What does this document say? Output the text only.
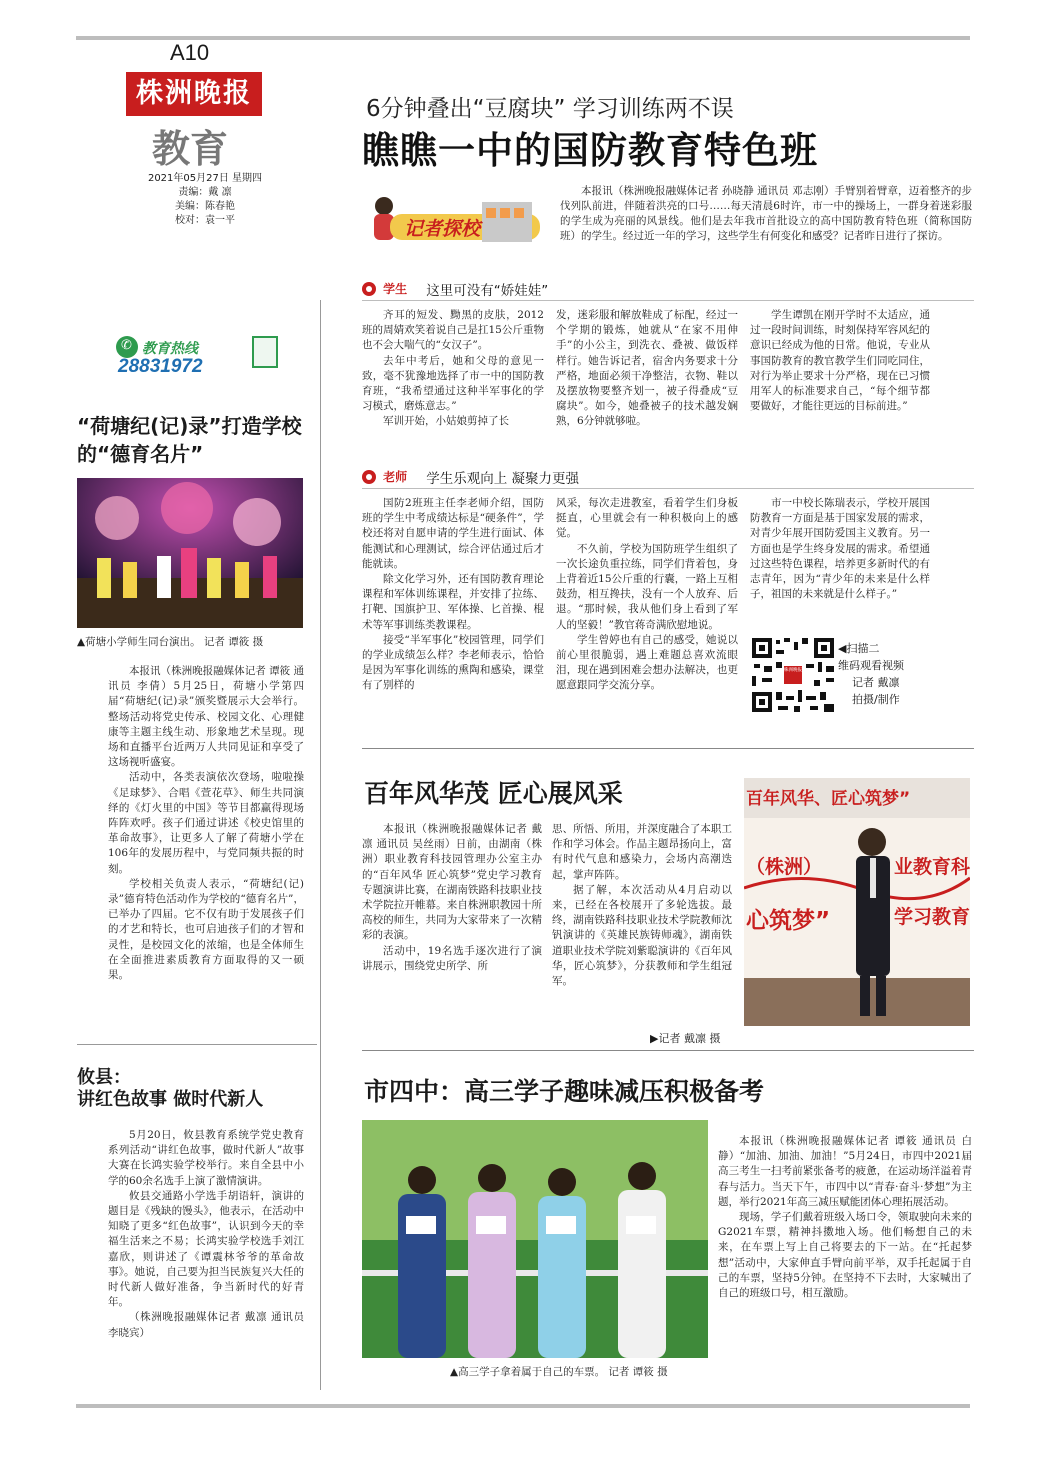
A10
株洲晚报
教育
2021年05月27日 星期四
责编：戴 凛
美编：陈春艳
校对：袁一平
6分钟叠出“豆腐块” 学习训练两不误
瞧瞧一中的国防教育特色班
记者探校

本报讯（株洲晚报融媒体记者 孙晓静 通讯员 邓志刚）手臂别着臂章，迈着整齐的步伐列队前进，伴随着洪亮的口号……每天清晨6时许，市一中的操场上，一群身着迷彩服的学生成为亮丽的风景线。他们是去年我市首批设立的高中国防教育特色班（简称国防班）的学生。经过近一年的学习，这些学生有何变化和感受？记者昨日进行了探访。

学生 这里可没有“娇娃娃”

齐耳的短发、黝黑的皮肤，2012班的周婧欢笑着说自己是扛15公斤重物也不会大喘气的“女汉子”。

去年中考后，她和父母的意见一致，毫不犹豫地选择了市一中的国防教育班，“我希望通过这种半军事化的学习模式，磨炼意志。”

军训开始，小姑娘剪掉了长

发，迷彩服和解放鞋成了标配，经过一个学期的锻炼，她就从“在家不用伸手”的小公主，到洗衣、叠被、做饭样样行。她告诉记者，宿舍内务要求十分严格，地面必须干净整洁，衣物、鞋以及摆放物要整齐划一，被子得叠成“豆腐块”。如今，她叠被子的技术越发娴熟，6分钟就够啦。

学生谭凯在刚开学时不太适应，通过一段时间训练，时刻保持军容风纪的意识已经成为他的日常。他说，专业从事国防教育的教官教学生们同吃同住，对行为举止要求十分严格，现在已习惯用军人的标准要求自己，“每个细节都要做好，才能往更远的目标前进。”

老师 学生乐观向上 凝聚力更强

国防2班班主任李老师介绍，国防班的学生中考成绩达标是“硬条件”，学校还将对自愿申请的学生进行面试、体能测试和心理测试，综合评估通过后才能就读。

除文化学习外，还有国防教育理论课程和军体训练课程，并安排了拉练、打靶、国旗护卫、军体操、匕首操、棍术等军事训练类教课程。

接受“半军事化”校园管理，同学们的学业成绩怎么样？李老师表示，恰恰是因为军事化训练的熏陶和感染，课堂有了别样的

风采，每次走进教室，看着学生们身板挺直，心里就会有一种积极向上的感觉。

不久前，学校为国防班学生组织了一次长途负重拉练，同学们背着包，身上背着近15公斤重的行囊，一路上互相鼓劲，相互搀扶，没有一个人放弃、后退。“那时候，我从他们身上看到了军人的坚毅！”教官蒋奇满欣慰地说。

学生曾婷也有自己的感受，她说以前心里很脆弱，遇上难题总喜欢流眼泪，现在遇到困难会想办法解决，也更愿意跟同学交流分享。

市一中校长陈瑞表示，学校开展国防教育一方面是基于国家发展的需求，对青少年展开国防爱国主义教育。另一方面也是学生终身发展的需求。希望通过这些特色课程，培养更多新时代的有志青年，因为“青少年的未来是什么样子，祖国的未来就是什么样子。”

株洲晚报
◀扫描二
维码观看视频
记者 戴凛
拍摄/制作
✆ 教育热线
28831972
“荷塘纪(记)录”打造学校的“德育名片”
▲荷塘小学师生同台演出。 记者 谭筱 摄

本报讯（株洲晚报融媒体记者 谭筱 通讯员 李倩）5月25日，荷塘小学第四届“荷塘纪(记)录”颁奖暨展示大会举行。整场活动将党史传承、校园文化、心理健康等主题主线生动、形象地艺术呈现。现场和直播平台近两万人共同见证和享受了这场视听盛宴。

活动中，各类表演依次登场，啦啦操《足球梦》、合唱《萱花草》、师生共同演绎的《灯火里的中国》等节目都赢得现场阵阵欢呼。孩子们通过讲述《校史馆里的革命故事》，让更多人了解了荷塘小学在106年的发展历程中，与党同频共振的时刻。

学校相关负责人表示，“荷塘纪(记)录”德育特色活动作为学校的“德育名片”，已举办了四届。它不仅有助于发展孩子们的才艺和特长，也可启迪孩子们的才智和灵性，是校园文化的浓缩，也是全体师生在全面推进素质教育方面取得的又一硕果。

攸县：
讲红色故事 做时代新人

5月20日，攸县教育系统学党史教育系列活动“讲红色故事，做时代新人”故事大赛在长鸿实验学校举行。来自全县中小学的60余名选手上演了激情演讲。

攸县交通路小学选手胡语轩，演讲的题目是《残缺的馒头》，他表示，在活动中知晓了更多“红色故事”，认识到今天的幸福生活来之不易；长鸿实验学校选手刘江嘉欣，则讲述了《谭震林爷爷的革命故事》。她说，自己要为担当民族复兴大任的时代新人做好准备，争当新时代的好青年。

（株洲晚报融媒体记者 戴凛 通讯员 李晓宾）

百年风华茂 匠心展风采

本报讯（株洲晚报融媒体记者 戴凛 通讯员 吴丝雨）日前，由湖南（株洲）职业教育科技园管理办公室主办的“百年风华 匠心筑梦”党史学习教育专题演讲比赛，在湖南铁路科技职业技术学院拉开帷幕。来自株洲职教园十所高校的师生，共同为大家带来了一次精彩的表演。

活动中，19名选手逐次进行了演讲展示，围绕党史所学、所

思、所悟、所用，并深度融合了本职工作和学习体会。作品主题昂扬向上，富有时代气息和感染力，会场内高潮迭起，掌声阵阵。

据了解，本次活动从4月启动以来，已经在各校展开了多轮选拔。最终，湖南铁路科技职业技术学院教师沈钒演讲的《英雄民族铸师魂》，湖南铁道职业技术学院刘紫聪演讲的《百年风华，匠心筑梦》，分获教师和学生组冠军。

▶记者 戴凛 摄
百年风华、匠心筑梦”
（株洲）	业教育科
心筑梦”	学习教育
市四中：高三学子趣味减压积极备考
▲高三学子拿着属于自己的车票。 记者 谭筱 摄

本报讯（株洲晚报融媒体记者 谭筱 通讯员 白静）“加油、加油、加油！”5月24日，市四中2021届高三考生一扫考前紧张备考的疲惫，在运动场洋溢着青春与活力。当天下午，市四中以“青春·奋斗·梦想”为主题，举行2021年高三减压赋能团体心理拓展活动。

现场，学子们戴着班级入场口令，领取驶向未来的G2021车票，精神抖擞地入场。他们畅想自己的未来，在车票上写上自己将要去的下一站。在“托起梦想”活动中，大家伸直手臂向前平举，双手托起属于自己的车票，坚持5分钟。在坚持不下去时，大家喊出了自己的班级口号，相互激励。
